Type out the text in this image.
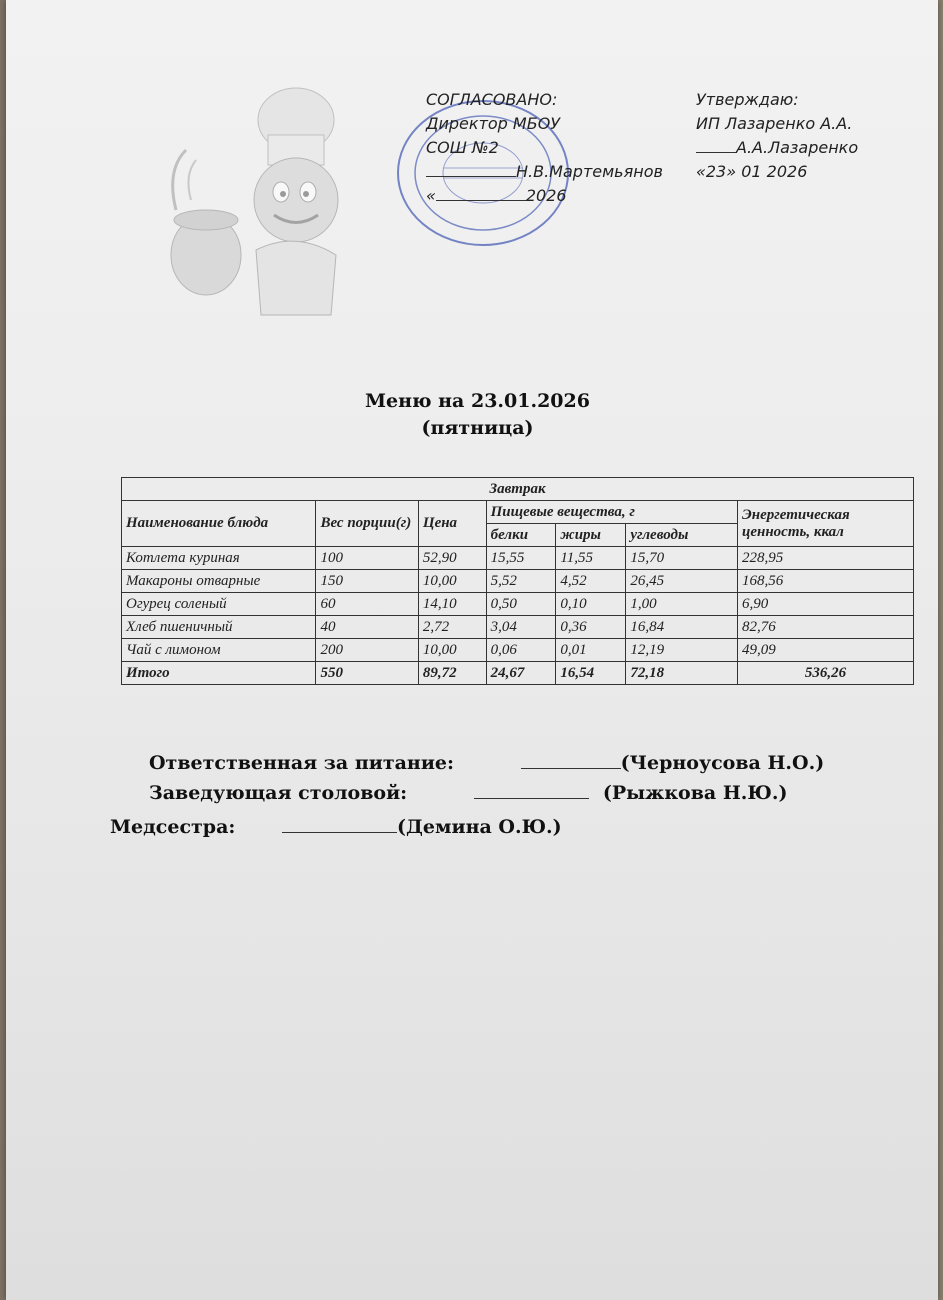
СОГЛАСОВАНО:
Директор МБОУ
СОШ №2
Н.В.Мартемьянов
«	2026
Утверждаю:
ИП Лазаренко А.А.
А.А.Лазаренко
«23» 01 2026
Меню на 23.01.2026
(пятница)
Завтрак						
Наименование блюда	Вес порции(г)	Цена	Пищевые вещества, г			Энергетическая ценность, ккал
			белки	жиры	углеводы	
Котлета куриная	100	52,90	15,55	11,55	15,70	228,95
Макароны отварные	150	10,00	5,52	4,52	26,45	168,56
Огурец соленый	60	14,10	0,50	0,10	1,00	6,90
Хлеб пшеничный	40	2,72	3,04	0,36	16,84	82,76
Чай с лимоном	200	10,00	0,06	0,01	12,19	49,09
Итого	550	89,72	24,67	16,54	72,18	536,26
Ответственная за питание:	(Черноусова Н.О.)
Заведующая столовой:	(Рыжкова Н.Ю.)
Медсестра:	(Демина О.Ю.)
